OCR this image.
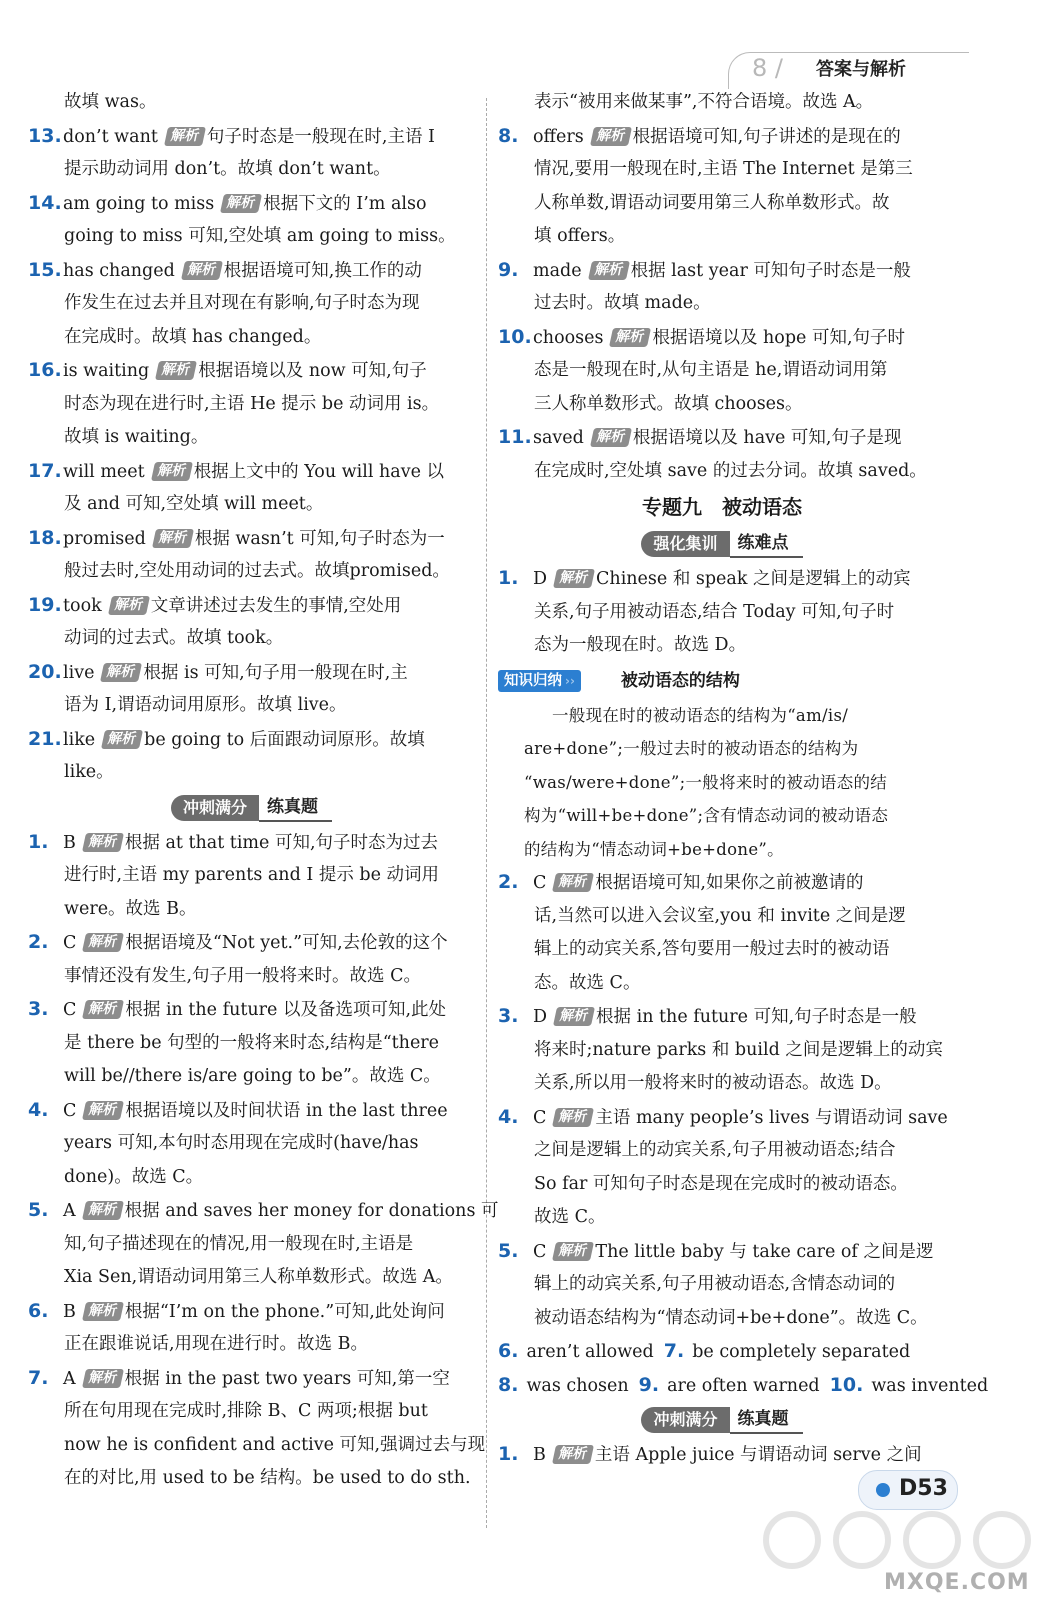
8 / 答案与解析
故填 was。
13.don’t want 解析 句子时态是一般现在时,主语 I
提示助动词用 don’t。故填 don’t want。
14.am going to miss 解析 根据下文的 I’m also
going to miss 可知,空处填 am going to miss。
15.has changed 解析 根据语境可知,换工作的动
作发生在过去并且对现在有影响,句子时态为现
在完成时。故填 has changed。
16.is waiting 解析 根据语境以及 now 可知,句子
时态为现在进行时,主语 He 提示 be 动词用 is。
故填 is waiting。
17.will meet 解析 根据上文中的 You will have 以
及 and 可知,空处填 will meet。
18.promised 解析 根据 wasn’t 可知,句子时态为一
般过去时,空处用动词的过去式。故填promised。
19.took 解析 文章讲述过去发生的事情,空处用
动词的过去式。故填 took。
20.live 解析 根据 is 可知,句子用一般现在时,主
语为 I,谓语动词用原形。故填 live。
21.like 解析 be going to 后面跟动词原形。故填
like。
冲刺满分	练真题
1. B 解析 根据 at that time 可知,句子时态为过去
进行时,主语 my parents and I 提示 be 动词用
were。故选 B。
2. C 解析 根据语境及“Not yet.”可知,去伦敦的这个
事情还没有发生,句子用一般将来时。故选 C。
3. C 解析 根据 in the future 以及备选项可知,此处
是 there be 句型的一般将来时态,结构是“there
will be//there is/are going to be”。故选 C。
4. C 解析 根据语境以及时间状语 in the last three
years 可知,本句时态用现在完成时(have/has
done)。故选 C。
5. A 解析 根据 and saves her money for donations 可
知,句子描述现在的情况,用一般现在时,主语是
Xia Sen,谓语动词用第三人称单数形式。故选 A。
6. B 解析 根据“I’m on the phone.”可知,此处询问
正在跟谁说话,用现在进行时。故选 B。
7. A 解析 根据 in the past two years 可知,第一空
所在句用现在完成时,排除 B、C 两项;根据 but
now he is confident and active 可知,强调过去与现
在的对比,用 used to be 结构。be used to do sth.
表示“被用来做某事”,不符合语境。故选 A。
8. offers 解析 根据语境可知,句子讲述的是现在的
情况,要用一般现在时,主语 The Internet 是第三
人称单数,谓语动词要用第三人称单数形式。故
填 offers。
9. made 解析 根据 last year 可知句子时态是一般
过去时。故填 made。
10.chooses 解析 根据语境以及 hope 可知,句子时
态是一般现在时,从句主语是 he,谓语动词用第
三人称单数形式。故填 chooses。
11.saved 解析 根据语境以及 have 可知,句子是现
在完成时,空处填 save 的过去分词。故填 saved。
专题九　被动语态
强化集训	练难点
1. D 解析 Chinese 和 speak 之间是逻辑上的动宾
关系,句子用被动语态,结合 Today 可知,句子时
态为一般现在时。故选 D。
知识归纳 ››	被动语态的结构
一般现在时的被动语态的结构为“am/is/
are+done”;一般过去时的被动语态的结构为
“was/were+done”;一般将来时的被动语态的结
构为“will+be+done”;含有情态动词的被动语态
的结构为“情态动词+be+done”。
2. C 解析 根据语境可知,如果你之前被邀请的
话,当然可以进入会议室,you 和 invite 之间是逻
辑上的动宾关系,答句要用一般过去时的被动语
态。故选 C。
3. D 解析 根据 in the future 可知,句子时态是一般
将来时;nature parks 和 build 之间是逻辑上的动宾
关系,所以用一般将来时的被动语态。故选 D。
4. C 解析 主语 many people’s lives 与谓语动词 save
之间是逻辑上的动宾关系,句子用被动语态;结合
So far 可知句子时态是现在完成时的被动语态。
故选 C。
5. C 解析 The little baby 与 take care of 之间是逻
辑上的动宾关系,句子用被动语态,含情态动词的
被动语态结构为“情态动词+be+done”。故选 C。
6. aren’t allowed 7. be completely separated
8. was chosen 9. are often warned 10. was invented
冲刺满分	练真题
1. B 解析 主语 Apple juice 与谓语动词 serve 之间
D53
MXQE.COM
